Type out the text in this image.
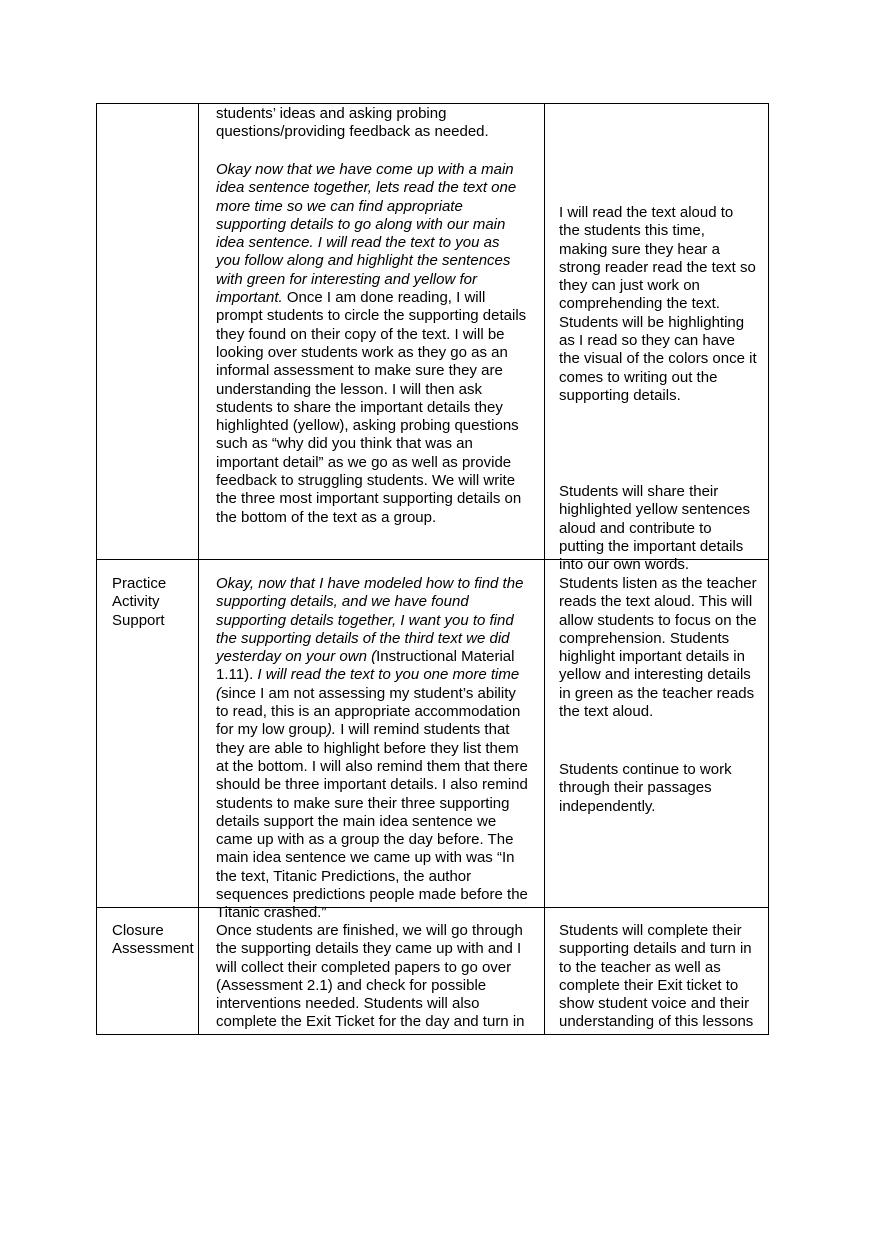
students’ ideas and asking probing
questions/providing feedback as needed.
Okay now that we have come up with a main
idea sentence together, lets read the text one
more time so we can find appropriate
supporting details to go along with our main
idea sentence. I will read the text to you as
you follow along and highlight the sentences
with green for interesting and yellow for
important. Once I am done reading, I will
prompt students to circle the supporting details
they found on their copy of the text. I will be
looking over students work as they go as an
informal assessment to make sure they are
understanding the lesson. I will then ask
students to share the important details they
highlighted (yellow), asking probing questions
such as “why did you think that was an
important detail” as we go as well as provide
feedback to struggling students. We will write
the three most important supporting details on
the bottom of the text as a group.
I will read the text aloud to
the students this time,
making sure they hear a
strong reader read the text so
they can just work on
comprehending the text.
Students will be highlighting
as I read so they can have
the visual of the colors once it
comes to writing out the
supporting details.
Students will share their
highlighted yellow sentences
aloud and contribute to
putting the important details
into our own words.
Practice
Activity
Support
Okay, now that I have modeled how to find the
supporting details, and we have found
supporting details together, I want you to find
the supporting details of the third text we did
yesterday on your own (Instructional Material
1.11). I will read the text to you one more time
(since I am not assessing my student’s ability
to read, this is an appropriate accommodation
for my low group). I will remind students that
they are able to highlight before they list them
at the bottom. I will also remind them that there
should be three important details. I also remind
students to make sure their three supporting
details support the main idea sentence we
came up with as a group the day before. The
main idea sentence we came up with was “In
the text, Titanic Predictions, the author
sequences predictions people made before the
Titanic crashed.”
Students listen as the teacher
reads the text aloud. This will
allow students to focus on the
comprehension. Students
highlight important details in
yellow and interesting details
in green as the teacher reads
the text aloud.
Students continue to work
through their passages
independently.
Closure
Assessment
Once students are finished, we will go through
the supporting details they came up with and I
will collect their completed papers to go over
(Assessment 2.1) and check for possible
interventions needed. Students will also
complete the Exit Ticket for the day and turn in
Students will complete their
supporting details and turn in
to the teacher as well as
complete their Exit ticket to
show student voice and their
understanding of this lessons
